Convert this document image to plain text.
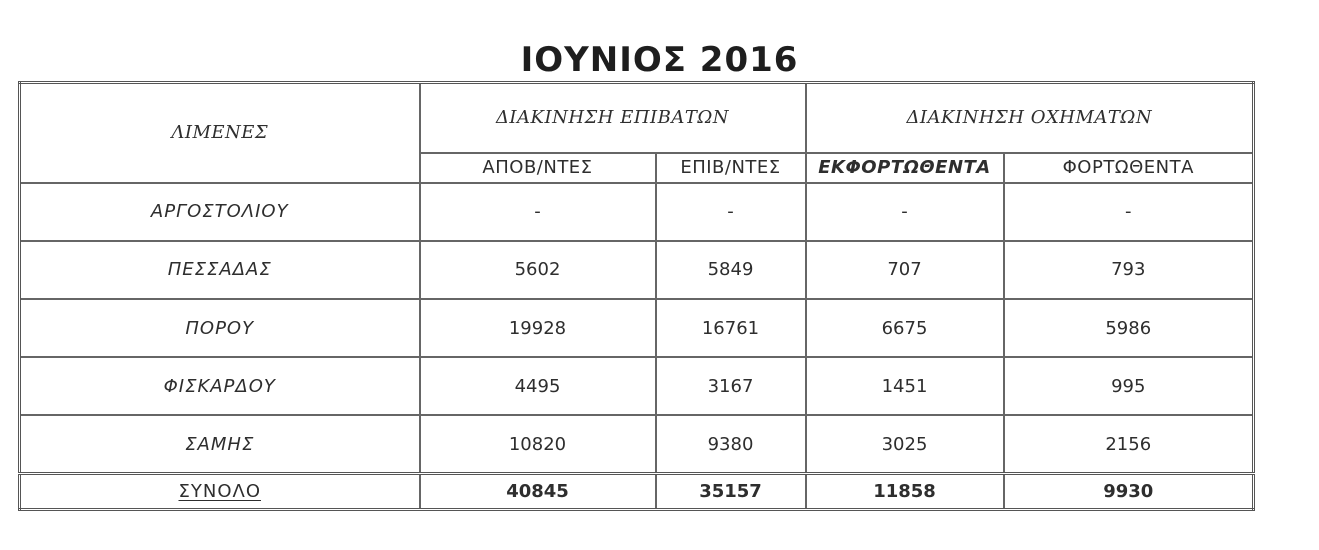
ΙΟΥΝΙΟΣ 2016
ΛΙΜΕΝΕΣ	ΔΙΑΚΙΝΗΣΗ ΕΠΙΒΑΤΩΝ		ΔΙΑΚΙΝΗΣΗ ΟΧΗΜΑΤΩΝ	
	ΑΠΟΒ/ΝΤΕΣ	ΕΠΙΒ/ΝΤΕΣ	ΕΚΦΟΡΤΩΘΕΝΤΑ	ΦΟΡΤΩΘΕΝΤΑ
ΑΡΓΟΣΤΟΛΙΟΥ	-	-	-	-
ΠΕΣΣΑΔΑΣ	5602	5849	707	793
ΠΟΡΟΥ	19928	16761	6675	5986
ΦΙΣΚΑΡΔΟΥ	4495	3167	1451	995
ΣΑΜΗΣ	10820	9380	3025	2156
ΣΥΝΟΛΟ	40845	35157	11858	9930
